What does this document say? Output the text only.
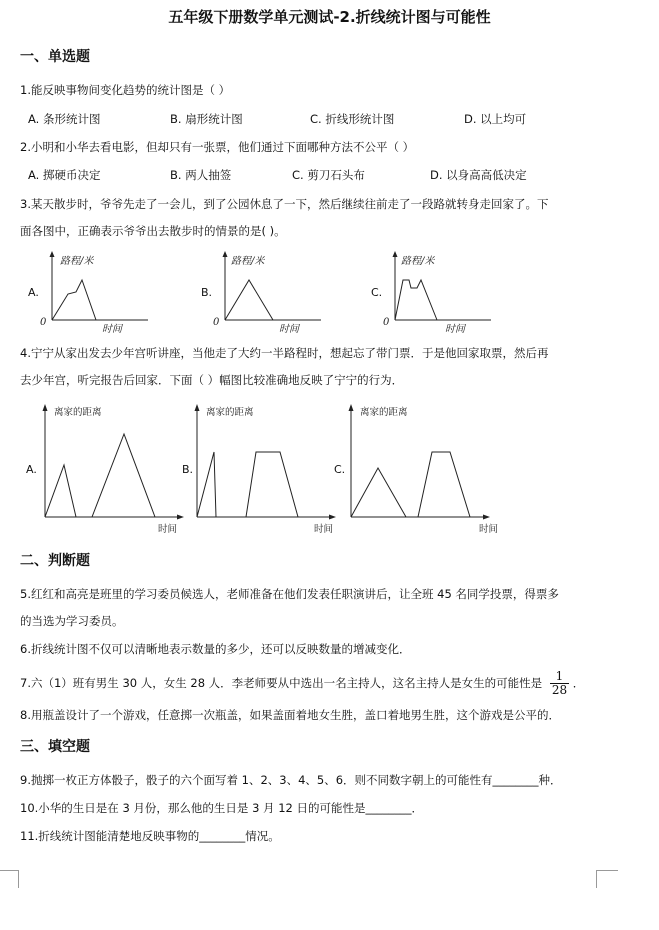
五年级下册数学单元测试-2.折线统计图与可能性
一、单选题
1.能反映事物间变化趋势的统计图是（ ）
A. 条形统计图	B. 扇形统计图	C. 折线形统计图	D. 以上均可
2.小明和小华去看电影，但却只有一张票，他们通过下面哪种方法不公平（ ）
A. 掷硬币决定	B. 两人抽签	C. 剪刀石头布	D. 以身高高低决定
3.某天散步时，爷爷先走了一会儿，到了公园休息了一下，然后继续往前走了一段路就转身走回家了。下
面各图中，正确表示爷爷出去散步时的情景的是( )。
A.
路程/米
时间
0
B.
路程/米
时间
0
C.
路程/米
时间
0
4.宁宁从家出发去少年宫听讲座，当他走了大约一半路程时，想起忘了带门票．于是他回家取票，然后再
去少年宫，听完报告后回家．下面（ ）幅图比较准确地反映了宁宁的行为．
A.
离家的距离
时间
B.
离家的距离
时间
C.
离家的距离
时间
二、判断题
5.红红和高亮是班里的学习委员候选人，老师准备在他们发表任职演讲后，让全班 45 名同学投票，得票多
的当选为学习委员。
6.折线统计图不仅可以清晰地表示数量的多少，还可以反映数量的增减变化．
7.六（1）班有男生 30 人，女生 28 人．李老师要从中选出一名主持人，这名主持人是女生的可能性是 $\frac{1}{28}$ ．
8.用瓶盖设计了一个游戏，任意掷一次瓶盖，如果盖面着地女生胜，盖口着地男生胜，这个游戏是公平的．
三、填空题
9.抛掷一枚正方体骰子，骰子的六个面写着 1、2、3、4、5、6．则不同数字朝上的可能性有________种．
10.小华的生日是在 3 月份，那么他的生日是 3 月 12 日的可能性是________．
11.折线统计图能清楚地反映事物的________情况。
